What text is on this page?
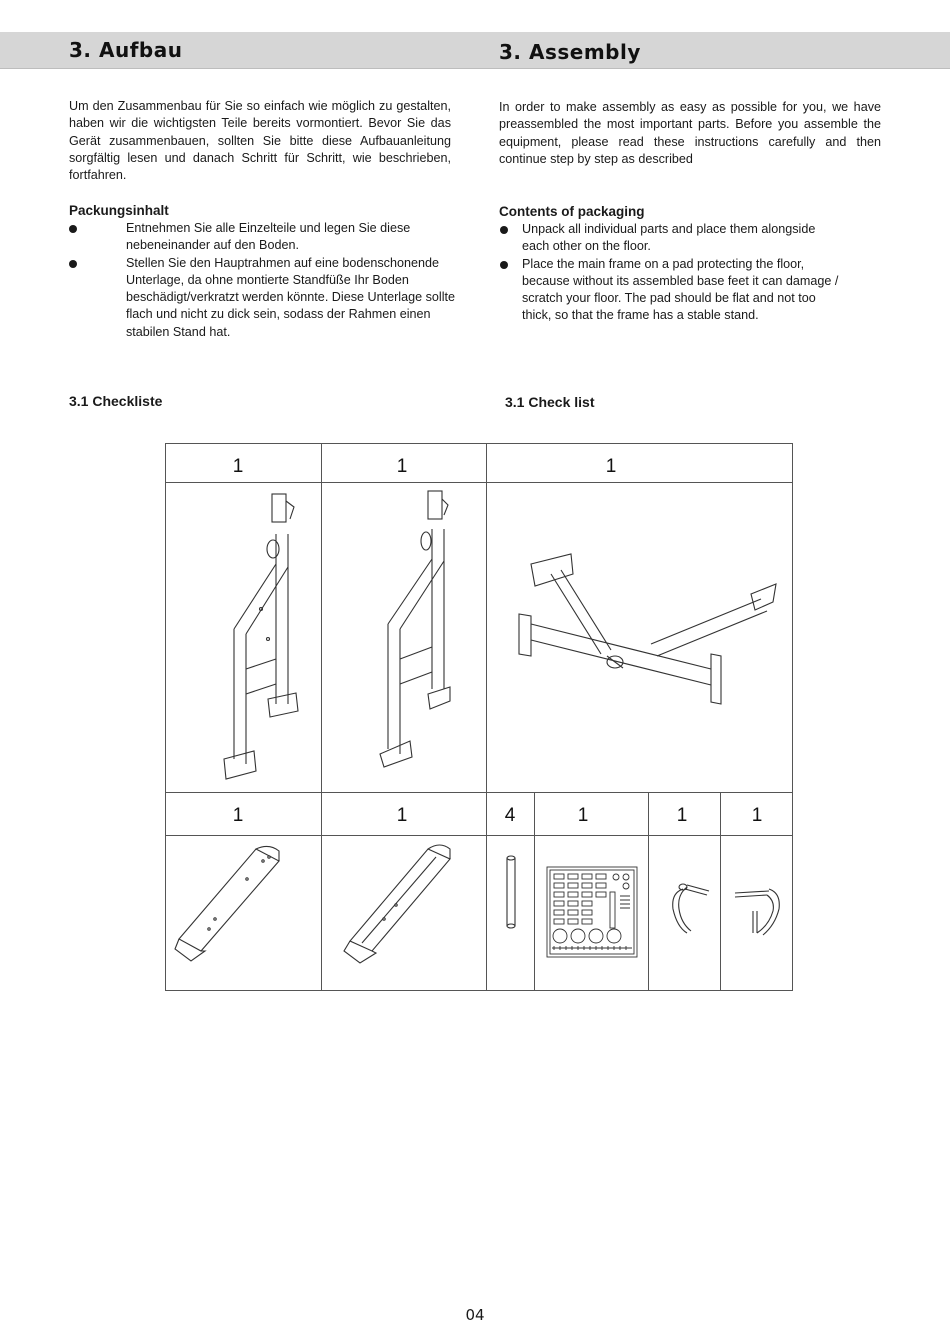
3. Aufbau	3. Assembly

Um den Zusammenbau für Sie so einfach wie möglich zu gestalten, haben wir die wichtigsten Teile bereits vormontiert. Bevor Sie das Gerät zusammenbauen, sollten Sie bitte diese Aufbauanleitung sorgfältig lesen und danach Schritt für Schritt, wie beschrieben, fortfahren.

In order to make assembly as easy as possible for you, we have preassembled the most important parts. Before you assemble the equipment, please read these instructions carefully and then continue step by step as described

Packungsinhalt	Contents of packaging
Entnehmen Sie alle Einzelteile und legen Sie diese nebeneinander auf den Boden.
Stellen Sie den Hauptrahmen auf eine bodenschonende Unterlage, da ohne montierte Standfüße Ihr Boden beschädigt/verkratzt werden könnte. Diese Unterlage sollte flach und nicht zu dick sein, sodass der Rahmen einen stabilen Stand hat.
Unpack all individual parts and place them alongside each other on the floor.
Place the main frame on a pad protecting the floor, because without its assembled base feet it can damage / scratch your floor. The pad should be flat and not too thick, so that the frame has a stable stand.
3.1 Checkliste	3.1 Check list
1	1	1
1	1	4	1	1	1
04
